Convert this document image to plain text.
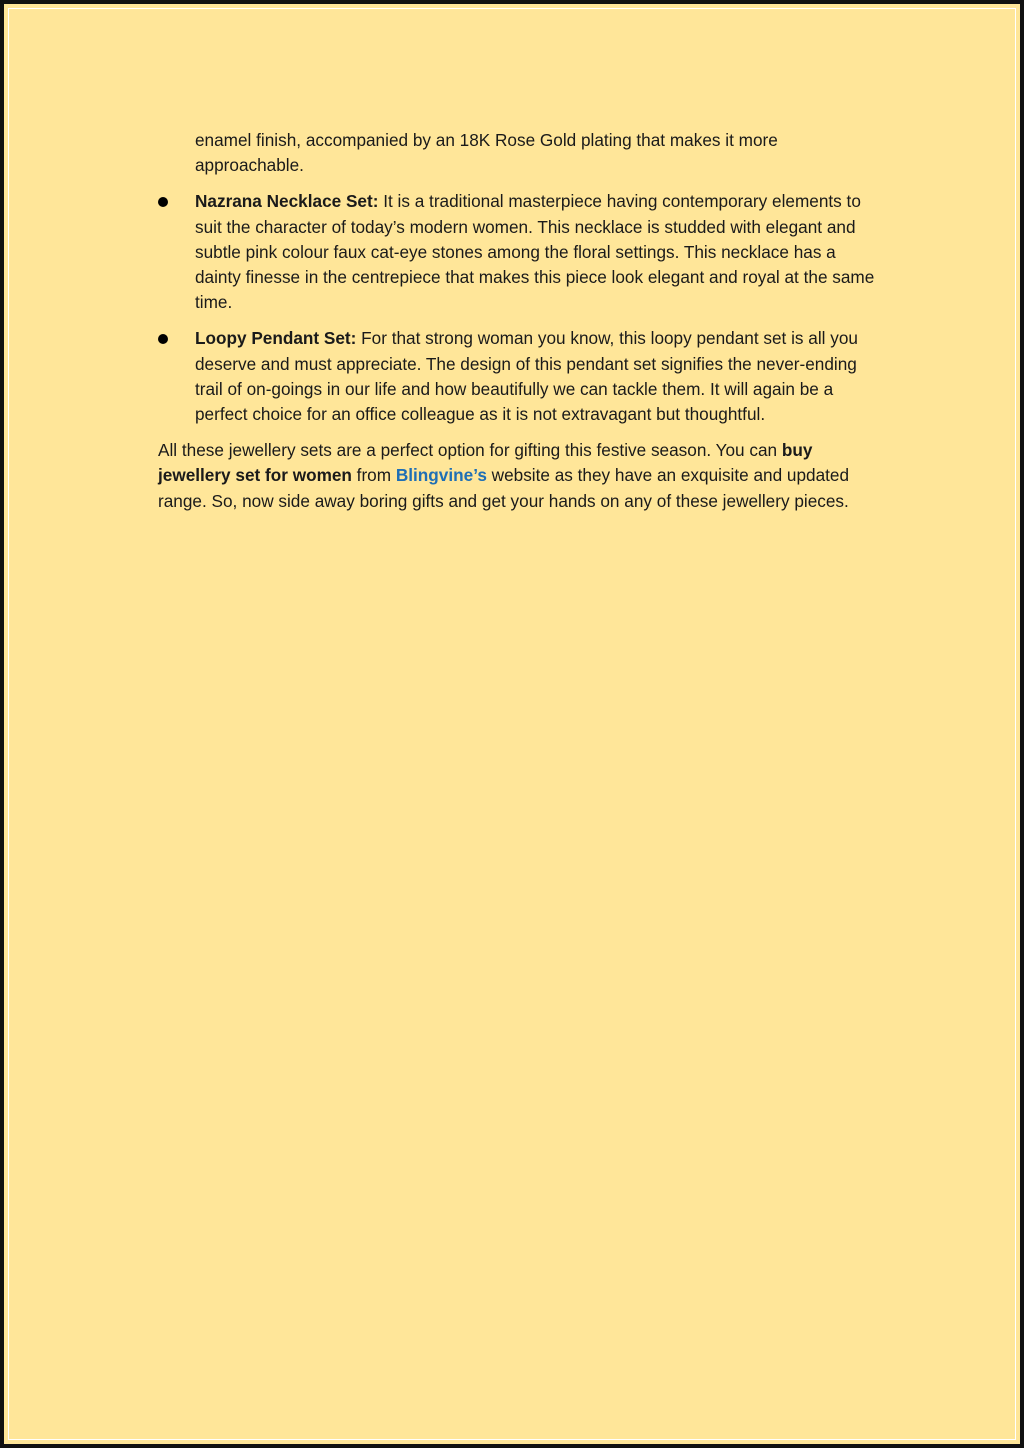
enamel finish, accompanied by an 18K Rose Gold plating that makes it more approachable.
Nazrana Necklace Set: It is a traditional masterpiece having contemporary elements to suit the character of today’s modern women. This necklace is studded with elegant and subtle pink colour faux cat-eye stones among the floral settings. This necklace has a dainty finesse in the centrepiece that makes this piece look elegant and royal at the same time.
Loopy Pendant Set: For that strong woman you know, this loopy pendant set is all you deserve and must appreciate. The design of this pendant set signifies the never-ending trail of on-goings in our life and how beautifully we can tackle them. It will again be a perfect choice for an office colleague as it is not extravagant but thoughtful.
All these jewellery sets are a perfect option for gifting this festive season. You can buy jewellery set for women from Blingvine’s website as they have an exquisite and updated range. So, now side away boring gifts and get your hands on any of these jewellery pieces.
